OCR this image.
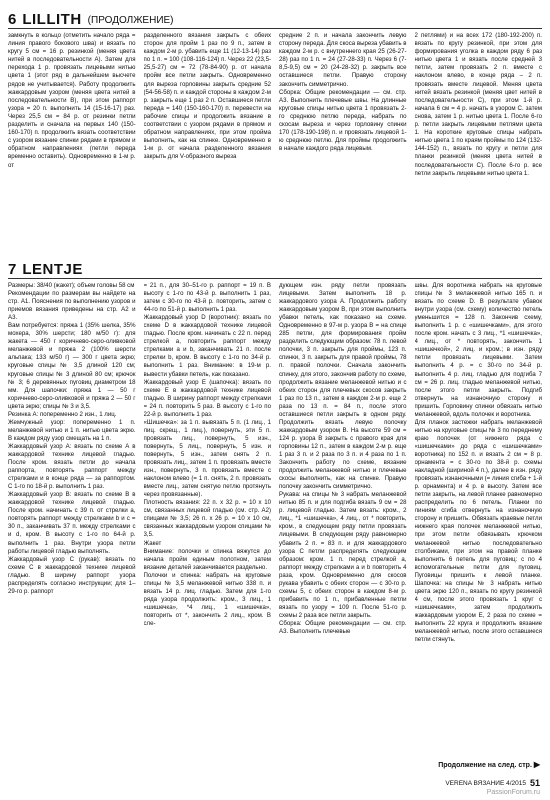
6 LILLITH (ПРОДОЛЖЕНИЕ)
замкнуть в кольцо (отметить начало ряда = линия правого бокового шва) и вязать по кругу 5 см = 16 р. резинкой (меняя цвета нитей в последовательности A). Затем для перехода 1 р. провязать лицевыми нитью цвета 1 (этот ряд в дальнейшем высчете рядов не учитывается). Работу продолжить жаккардовым узором (меняя цвета нитей в последовательности B), при этом раппорт узора = 20 п. выполнить 14 (15-16-17) раз. Через 25,5 см = 84 р. от резинки петли разделить и сначала на первых 140 (150-160-170) п. продолжить вязать соответствии с узором вязание спинки рядами в прямом и обратном направлениях (петли переда временно оставить). Одновременно в 1-м р. от
разделенного вязания закрыть с обеих сторон для пройм 1 раз по 9 п., затем в каждом 2-м р. убавить еще 11 (12-13-14) раз по 1 п. = 100 (108-116-124) п. Через 22 (23,5-25,5-27) см = 72 (78-84-90) р. от начала пройм все петли закрыть. Одновременно для выреза горловины закрыть средние 52 (54-56-58) п. и каждой стороны в каждом 2-м р. закрыть еще 1 раз 2 п. Оставшиеся петли переда = 140 (150-160-170) п. перевести на рабочие спицы и продолжить вязание в соответствии с узором рядами в прямом и обратном направлениях, при этом пройма выполнить, как на спинке. Одновременно в 1-м р. от начала разделенного вязания закрыть для V-образного выреза
средние 2 п. и начала закончить левую сторону переда. Для скоса выреза убавить в каждом 2-м р. с внутреннего края 25 (26-27-28) раз по 1 п. = 24 (27-28-33) п. Через 6 (7-8,5-9,5) см = 20 (24-28-32) р. закрыть все оставшиеся петли. Правую сторону закончить симметрично.
Сборка: Общие рекомендации — см. стр. А3. Выполнить плечевые швы. На длинные круговые спицы нитью цвета 1 провязать 2-го среднюю петлю переда, набрать по скосам выреза и через горловину спинки 170 (178-190-198) п. и провязать лицевой 1-ю среднюю петлю. Для проймы продолжить в начале каждого ряда лицевым.
2 петлями) и на всех 172 (180-192-200) п. вязать по кругу резинкой, при этом для формирования уголка в каждом ряду 6 раз нитью цвета 1 и вязать после средней 3 петли, затем провязать 2 п. вместе с наклоном влево, в конце ряда – 2 п. провязать вместе лицевой. Меняя цвета нитей вязать резинкой (меняя цвет нитей в последовательности C), при этом 1-й р. начала 6 см = 4 р. начать в узором С. затем снова, затем 1 р. нитью цвета 1. После 6-го р. петли закрыть лицевыми петлями цвета 1. На короткие круговые спицы набрать нитью цвета 1 по краям проймы по 124 (132-144-152) п., вязать по кругу и петли для планки резинкой (меняя цвета нитей в последовательности C). После 6-го р. все петли закрыть лицевыми нитью цвета 1.
7 LENTJE
Размеры: 38/40 (жакет); объем головы 58 см
Рекомендации по размерам вы найдете на стр. А1. Пояснения по выполнению узоров и приемов вязания приведены на стр. А2 и А3.
Вам потребуется: пряжа 1 (35% шелка, 35% мохера, 30% шерсти; 180 м/50 г): для жакета — 450 г коричнево-серо-оливковой меланжевой и пряжа 2 (100% шерсти альпака; 133 м/50 г) — 300 г цвета экрю; круговые спицы № 3,5 длиной 120 см; круговые спицы № 3 длиной 80 см; крючок № 3; 6 деревянных пуговиц диаметром 18 мм. Для шапочки: пряжа 1 — 50 г коричнево-серо-оливковой и пряжа 2 — 50 г цвета экрю; спицы № 3 и 3,5.
Резинка А: попеременно 2 изн., 1 лиц.
Жемчужный узор: попеременно 1 п. меланжевой нитью и 1 п. нитью цвета экрю. В каждом ряду узор смещать на 1 п.
Жаккардовый узор А: вязать по схеме А в жаккардовой технике лицевой гладью. После кром. вязать петли до начала раппорта, повторять раппорт между стрелками и в конце ряда — за раппортом. С 1-го по 18-й р. выполнить 1 раз.
Жаккардовый узор В: вязать по схеме В в жаккардовой технике лицевой гладью. После кром. начинать с 39 п. от стрелки а, повторять раппорт между стрелками b и с = 30 п., заканчивать 37 п. между стрелками с и d, кром. В высоту с 1-го по 64-й р. выполнить 1 раз. Внутри узора петли работы лицевой гладью выполнять.
Жаккардовый узор С (рукав): вязать по схеме С в жаккардовой технике лицевой гладью. В ширину раппорт узора распределять согласно инструкции; для 1–29-го р. раппорт
= 21 п., для 30–51-го р. раппорт = 19 п. В высоту с 1-го по 43-й р. выполнить 1 раз, затем с 30-го по 43-й р. повторить, затем с 44-го по 51-й р. выполнить 1 раз.
Жаккардовый узор D (воротник): вязать по схеме D в жаккардовой технике лицевой гладью. После кром. начинать с 22 п. перед стрелкой а, повторить раппорт между стрелками а и b, заканчивать 21 п. после стрелки b, кром. В высоту с 1-го по 34-й р. выполнить 1 раз. Внимание: в 19-м р. вывести убавки петель, как показано.
Жаккардовый узор Е (шапочка): вязать по схеме Е в жаккардовой технике лицевой гладью. В ширину раппорт между стрелками = 24 п. повторить 5 раз. В высоту с 1-го по 22-й р. выполнить 1 раз.
«Шишечка»: за 1 п. вывязать 5 п. (1 лиц., 1 лиц. скрещ., 1 лиц.), повернуть, эти 5 п. провязать лиц., повернуть, 5 изн., повернуть, 5 лиц., повернуть, 5 изн. и повернуть, 5 изн., затем снять 2 п. провязать лиц., затем 1 п. провязать вместе изн., повернуть, 3 п. провязать вместе с наклоном влево (= 1 п. снять, 2 п. провязать вместе лиц., затем снятую петлю протянуть через провязанные).
Плотность вязания: 22 п. х 32 р. = 10 х 10 см, связанных лицевой гладью (см. стр. А2) спицами № 3,5; 26 п. х 26 р. = 10 х 10 см, связанных жаккардовым узором спицами № 3,5.
Жакет
Внимание: полочки и спинка вяжутся до начала пройм единым полотном, затем вязание деталей заканчивается раздельно.
Полочки и спинка: набрать на круговые спицы № 3,5 меланжевой нитью 338 п. и вязать 14 р. лиц. гладью. Затем для 1-го ряда узора продолжить: кром., 3 лиц., 1 «шишечка», *4 лиц., 1 «шишечка», повторить от *, закончить 2 лиц., кром. В сле-
дующем изн. ряду петли провязать лицевыми. Затем выполнить 18 р. жаккардового узора А. Продолжить работу жаккардовым узором В, при этом выполнить убавки петель, как показано на схеме. Одновременно в 97-м р. узора B = на спице 285 петли, для формирования пройм разделить следующим образом: 78 п. левой полочки, 3 п. закрыть для проймы, 123 п. спинки, 3 п. закрыть для правой проймы, 78 п. правой полочки. Сначала закончить спинку, для этого, закончив работу по схеме, продолжить вязание меланжевой нитью и с обеих сторон для плечевых скосов закрыть 1 раз по 13 п., затем в каждом 2-м р. еще 2 раза по 13 п. = 84 п., после этого оставшиеся петли закрыть в одном ряду. Продолжить вязать левую полочку жаккардовым узором В. На высоте 59 см = 124 р. узора В закрыть с правого края для горловины 12 п., затем в каждом 2-м р. еще 1 раз 3 п. и 2 раза по 3 п. и 4 раза по 1 п. Закончить работу по схеме, вязание продолжить меланжевой нитью и плечевые скосы выполнить, как на спинке. Правую полочку закончить симметрично.
Рукава: на спицы № 3 набрать меланжевой нитью 85 п. и для подгиба вязать 9 см = 28 р. лицевой гладью. Затем вязать: кром., 2 лиц., *1 «шишечка», 4 лиц., от * повторить, кром., в следующем ряду петли провязать лицевыми. В следующем ряду равномерно убавить 2 п. = 83 п. и для жаккардового узора С петли распределять следующим образом: кром. 1 п. перед стрелкой а, раппорт между стрелками а и b повторить 4 раза, кром. Одновременно для скосов рукава убавить с обеих сторон — с 30-го р. схемы 5, с обеих сторон в каждом 8-м р. прибавить по 1 п., прибавленные петли вязать по узору = 109 п. После 51-го р. схемы 2 раза все петли закрыть.
Сборка: Общие рекомендации — см. стр. А3. Выполнить плечевые
швы. Для воротника набрать на круговые спицы № 3 меланжевой нитью 165 п. и вязать по схеме D. В результате убавок внутри узора (см. схему) количество петель уменьшится = 128 п. Закончив схему, выполнить 1 р. с «шишечками», для этого после кром. начать с 3 лиц., *1 «шишечка», 4 лиц., от * повторять, закончить 1 «шишечкой», 2 лиц. и кром.; в изн. ряду петли провязать лицевыми. Затем выполнить 4 р. = с 30-го по 34-й р. выполнить 4 р. лиц. гладью для подгиба 7 см = 26 р. лиц. гладью меланжевой нитью, после этого петли закрыть. Подгиб отвернуть на изнаночную сторону и пришить. Горловину спинки обвязать нитью меланжевой, вдоль полочек и воротника.
Для планок застежки набрать меланжевой нитью на круговые спицы № 3 по переднему краю полочек (от нижнего ряда с «шишечками» до ряда с «шишечками» воротника) по 152 п. и вязать 2 см = 8 р. орнамента = с 30-го по 38-й р. схемы накладной (шириной 4 п.), далее в изн. ряду провязать изнаночными (= линия сгиба + 1-й р. орнамента) и 4 р. в высоту. Затем все петли закрыть, на левой планке равномерно распределить по 6 петель. Планки по линиям сгиба отвернуть на изнаночную сторону и пришить. Обвязать краевые петли нижнего края полочек меланжевой нитью, при этом петли обвязывать крючком меланжевой нитью последовательно столбиками, при этом на правой планке выполнить 6 петель для пуговиц: с по 4 вспомогательные петли для пуговиц. Пуговицы пришить к левой планке. Шапочка: на спицы № 3 набрать нитью цвета экрю 120 п., вязать по кругу резинкой 4 см, после этого провязать 1 круг с «шишечками», затем продолжить жаккардовым узором Е, 2 раза по схеме = выполнить 22 круга и продолжить вязание меланжевой нитью, после этого оставшиеся петли стянуть.
Продолжение на след. стр. ▶
VERENA ВЯЗАНИЕ 4/2015 51
PassionForum.ru
